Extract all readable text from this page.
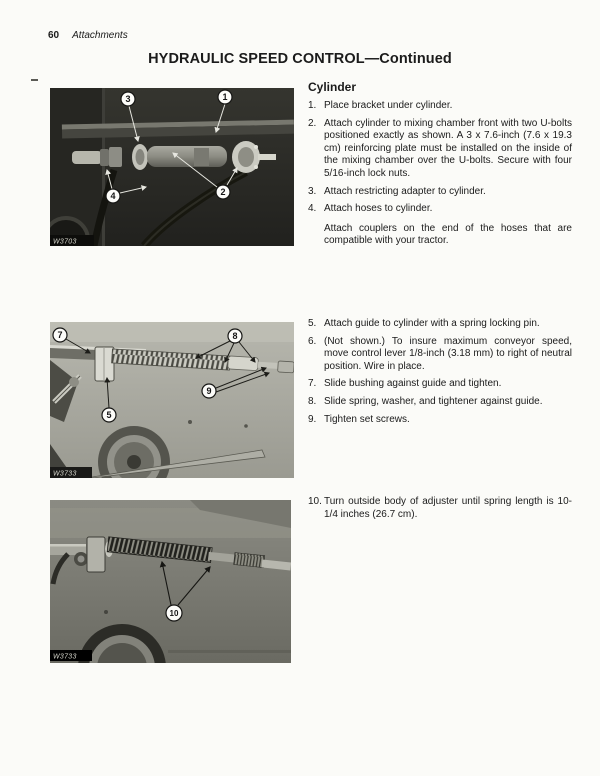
60 Attachments
HYDRAULIC SPEED CONTROL—Continued
3	1
2
4
W3703
7	8
9
5
W3733
10
W3733
Cylinder
1. Place bracket under cylinder.
2. Attach cylinder to mixing chamber front with two U-bolts positioned exactly as shown. A 3 x 7.6-inch (7.6 x 19.3 cm) reinforcing plate must be installed on the inside of the mixing chamber over the U-bolts. Secure with four 5/16-inch lock nuts.
3. Attach restricting adapter to cylinder.
4. Attach hoses to cylinder.
Attach couplers on the end of the hoses that are compatible with your tractor.
5. Attach guide to cylinder with a spring locking pin.
6. (Not shown.) To insure maximum conveyor speed, move control lever 1/8-inch (3.18 mm) to right of neutral position. Wire in place.
7. Slide bushing against guide and tighten.
8. Slide spring, washer, and tightener against guide.
9. Tighten set screws.
10. Turn outside body of adjuster until spring length is 10-1/4 inches (26.7 cm).
